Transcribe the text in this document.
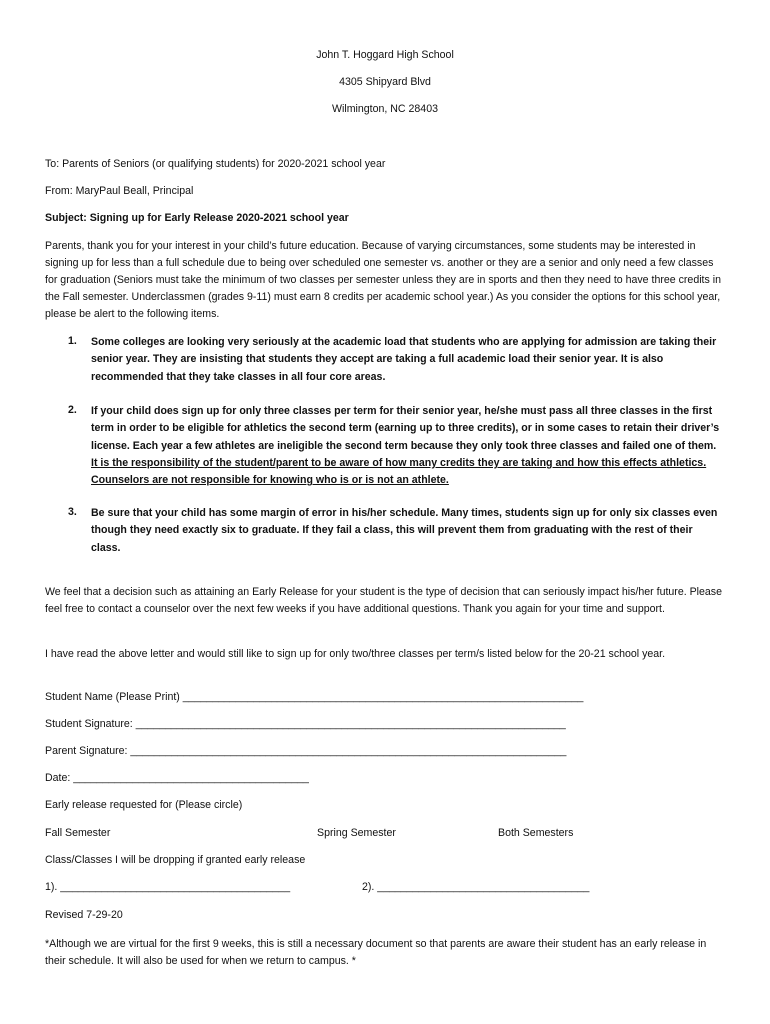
John T. Hoggard High School
4305 Shipyard Blvd
Wilmington, NC 28403
To: Parents of Seniors (or qualifying students) for 2020-2021 school year
From: MaryPaul Beall, Principal
Subject: Signing up for Early Release 2020-2021 school year
Parents, thank you for your interest in your child’s future education. Because of varying circumstances, some students may be interested in signing up for less than a full schedule due to being over scheduled one semester vs. another or they are a senior and only need a few classes for graduation (Seniors must take the minimum of two classes per semester unless they are in sports and then they need to have three credits in the Fall semester. Underclassmen (grades 9-11) must earn 8 credits per academic school year.) As you consider the options for this school year, please be alert to the following items.
1. Some colleges are looking very seriously at the academic load that students who are applying for admission are taking their senior year. They are insisting that students they accept are taking a full academic load their senior year. It is also recommended that they take classes in all four core areas.
2. If your child does sign up for only three classes per term for their senior year, he/she must pass all three classes in the first term in order to be eligible for athletics the second term (earning up to three credits), or in some cases to retain their driver’s license. Each year a few athletes are ineligible the second term because they only took three classes and failed one of them. It is the responsibility of the student/parent to be aware of how many credits they are taking and how this effects athletics. Counselors are not responsible for knowing who is or is not an athlete.
3. Be sure that your child has some margin of error in his/her schedule. Many times, students sign up for only six classes even though they need exactly six to graduate. If they fail a class, this will prevent them from graduating with the rest of their class.
We feel that a decision such as attaining an Early Release for your student is the type of decision that can seriously impact his/her future. Please feel free to contact a counselor over the next few weeks if you have additional questions. Thank you again for your time and support.
I have read the above letter and would still like to sign up for only two/three classes per term/s listed below for the 20-21 school year.
Student Name (Please Print) ____________________________________________________________________
Student Signature: _________________________________________________________________________
Parent Signature: __________________________________________________________________________
Date: ________________________________________
Early release requested for (Please circle)
Fall Semester	Spring Semester	Both Semesters
Class/Classes I will be dropping if granted early release
1). _______________________________________	2). ____________________________________
Revised 7-29-20
*Although we are virtual for the first 9 weeks, this is still a necessary document so that parents are aware their student has an early release in their schedule. It will also be used for when we return to campus. *
